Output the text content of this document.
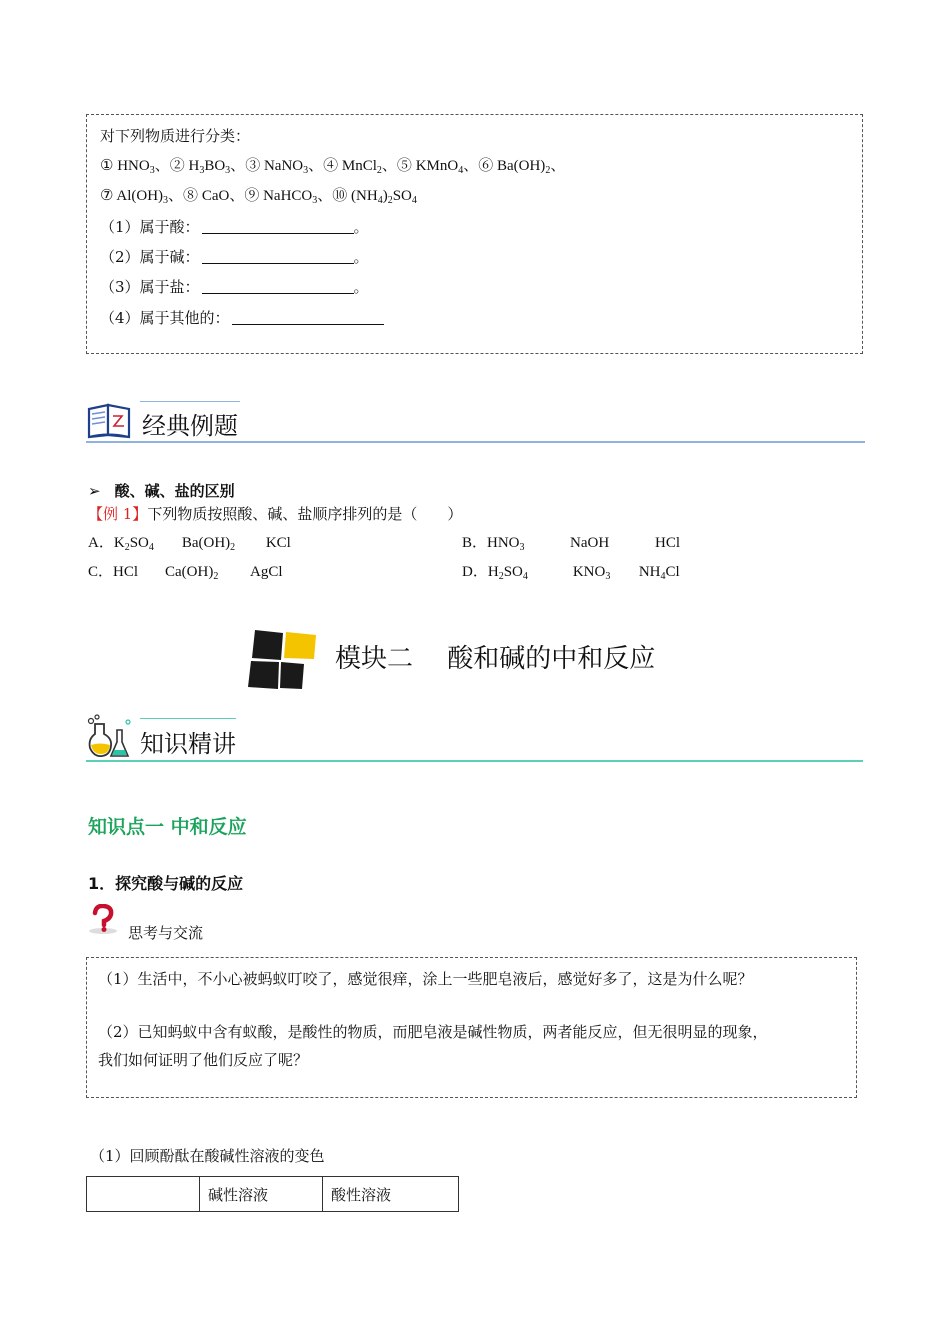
对下列物质进行分类：
① $HNO_3$、② $H_3BO_3$、③ NaNO$_3$、④ MnCl$_2$、⑤ KMnO$_4$、⑥ $Ba(OH)_2$、
⑦ $Al(OH)_3$、⑧ CaO、⑨ NaHCO$_3$、⑩ $(NH_4)_2SO_4$
（1）属于酸：	。
（2）属于碱：	。
（3）属于盐：	。
（4）属于其他的：
经典例题
➢ 酸、碱、盐的区别
【例 1】下列物质按照酸、碱、盐顺序排列的是（　　）
A．$K_2SO_4$ $Ba(OH)_2$ KCl	B．$HNO_3$	NaOH	HCl
C．HCl $Ca(OH)_2$ AgCl	D．$H_2SO_4$	$KNO_3$ $NH_4Cl$
模块二　 酸和碱的中和反应
知识精讲
知识点一 中和反应
1．探究酸与碱的反应
思考与交流
（1）生活中，不小心被蚂蚁叮咬了，感觉很痒，涂上一些肥皂液后，感觉好多了，这是为什么呢？
（2）已知蚂蚁中含有蚁酸，是酸性的物质，而肥皂液是碱性物质，两者能反应，但无很明显的现象，
我们如何证明了他们反应了呢？
（1）回顾酚酞在酸碱性溶液的变色
	碱性溶液	酸性溶液
